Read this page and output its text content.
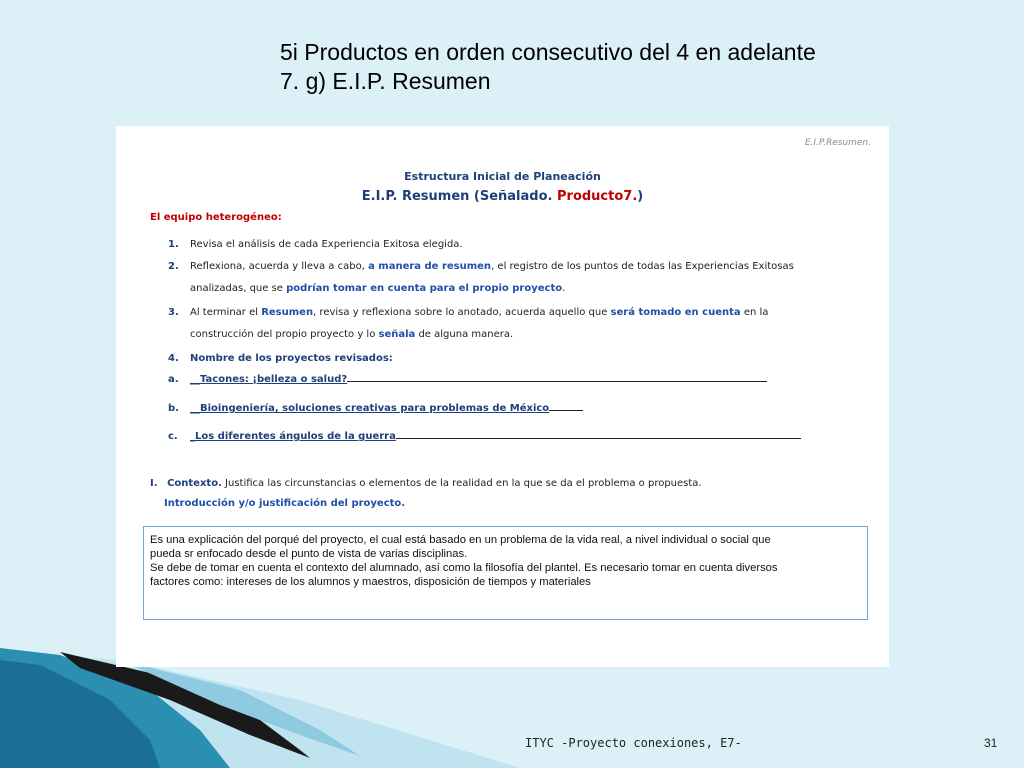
5i Productos en orden consecutivo del 4 en adelante
7. g) E.I.P. Resumen
E.I.P.Resumen.
Estructura Inicial de Planeación
E.I.P. Resumen (Señalado. Producto7.)
El equipo heterogéneo:
1. Revisa el análisis de cada Experiencia Exitosa elegida.
2. Reflexiona, acuerda y lleva a cabo, a manera de resumen, el registro de los puntos de todas las Experiencias Exitosas
analizadas, que se podrían tomar en cuenta para el propio proyecto.
3. Al terminar el Resumen, revisa y reflexiona sobre lo anotado, acuerda aquello que será tomado en cuenta en la
construcción del propio proyecto y lo señala de alguna manera.
4. Nombre de los proyectos revisados:
a. __Tacones: ¡belleza o salud?
b. __Bioingeniería, soluciones creativas para problemas de México
c. _Los diferentes ángulos de la guerra
I. Contexto. Justifica las circunstancias o elementos de la realidad en la que se da el problema o propuesta.
Introducción y/o justificación del proyecto.

Es una explicación del porqué del proyecto, el cual está basado en un problema de la vida real, a nivel individual o social que

pueda sr enfocado desde el punto de vista de varias disciplinas.

Se debe de tomar en cuenta el contexto del alumnado, así como la filosofía del plantel. Es necesario tomar en cuenta diversos

factores como: intereses de los alumnos y maestros, disposición de tiempos y materiales

ITYC -Proyecto conexiones, E7-	31
